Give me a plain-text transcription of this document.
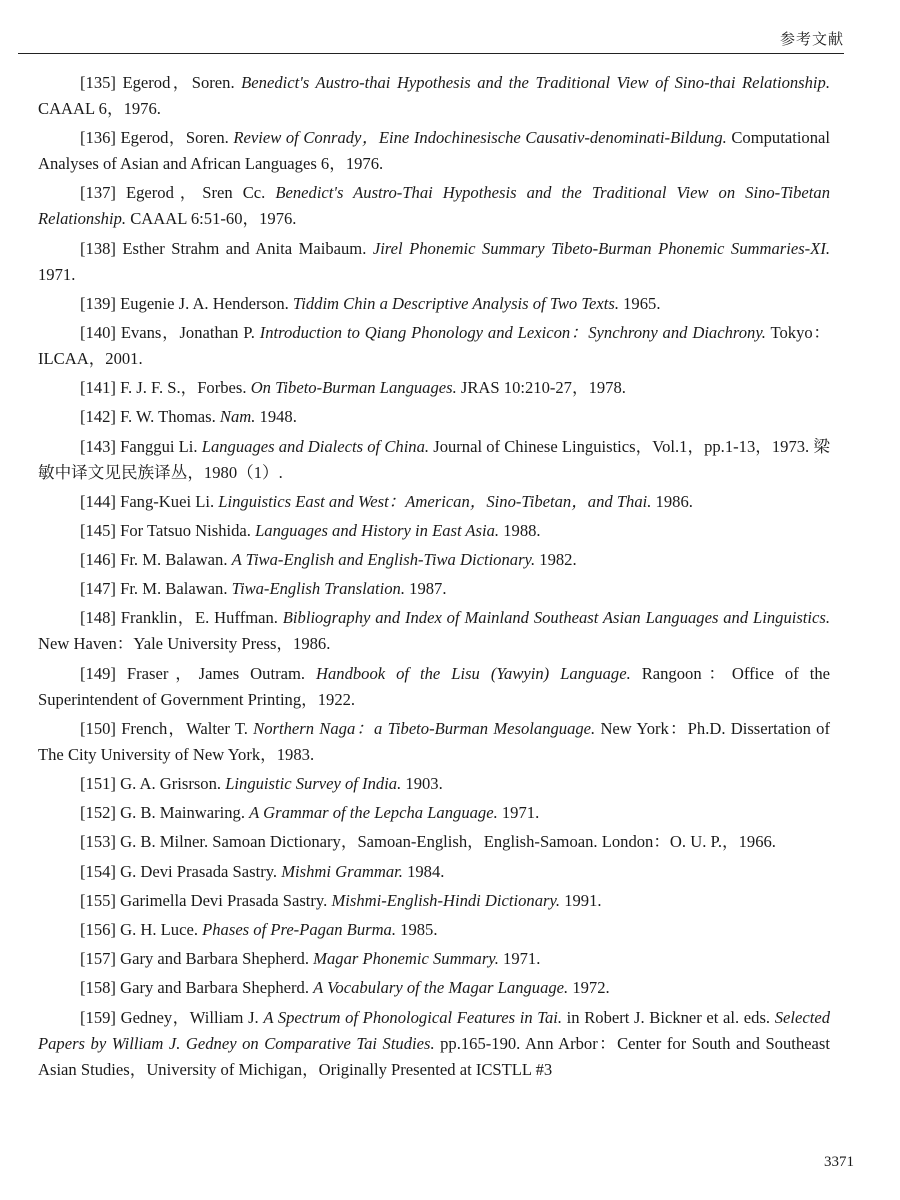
参考文献

[135] Egerod，Soren. Benedict's Austro-thai Hypothesis and the Traditional View of Sino-thai Relationship. CAAAL 6，1976.

[136] Egerod，Soren. Review of Conrady，Eine Indochinesische Causativ-denominati-Bildung. Computational Analyses of Asian and African Languages 6，1976.

[137] Egerod，Sren Cc. Benedict's Austro-Thai Hypothesis and the Traditional View on Sino-Tibetan Relationship. CAAAL 6:51-60，1976.

[138] Esther Strahm and Anita Maibaum. Jirel Phonemic Summary Tibeto-Burman Phonemic Summaries-XI. 1971.

[139] Eugenie J. A. Henderson. Tiddim Chin a Descriptive Analysis of Two Texts. 1965.

[140] Evans，Jonathan P. Introduction to Qiang Phonology and Lexicon：Synchrony and Diachrony. Tokyo：ILCAA，2001.

[141] F. J. F. S.，Forbes. On Tibeto-Burman Languages. JRAS 10:210-27，1978.

[142] F. W. Thomas. Nam. 1948.

[143] Fanggui Li. Languages and Dialects of China. Journal of Chinese Linguistics，Vol.1，pp.1-13，1973. 梁敏中译文见民族译丛，1980（1）.

[144] Fang-Kuei Li. Linguistics East and West：American，Sino-Tibetan，and Thai. 1986.

[145] For Tatsuo Nishida. Languages and History in East Asia. 1988.

[146] Fr. M. Balawan. A Tiwa-English and English-Tiwa Dictionary. 1982.

[147] Fr. M. Balawan. Tiwa-English Translation. 1987.

[148] Franklin，E. Huffman. Bibliography and Index of Mainland Southeast Asian Languages and Linguistics. New Haven：Yale University Press，1986.

[149] Fraser，James Outram. Handbook of the Lisu (Yawyin) Language. Rangoon：Office of the Superintendent of Government Printing，1922.

[150] French，Walter T. Northern Naga：a Tibeto-Burman Mesolanguage. New York：Ph.D. Dissertation of The City University of New York，1983.

[151] G. A. Grisrson. Linguistic Survey of India. 1903.

[152] G. B. Mainwaring. A Grammar of the Lepcha Language. 1971.

[153] G. B. Milner. Samoan Dictionary，Samoan-English，English-Samoan. London：O. U. P.，1966.

[154] G. Devi Prasada Sastry. Mishmi Grammar. 1984.

[155] Garimella Devi Prasada Sastry. Mishmi-English-Hindi Dictionary. 1991.

[156] G. H. Luce. Phases of Pre-Pagan Burma. 1985.

[157] Gary and Barbara Shepherd. Magar Phonemic Summary. 1971.

[158] Gary and Barbara Shepherd. A Vocabulary of the Magar Language. 1972.

[159] Gedney，William J. A Spectrum of Phonological Features in Tai. in Robert J. Bickner et al. eds. Selected Papers by William J. Gedney on Comparative Tai Studies. pp.165-190. Ann Arbor：Center for South and Southeast Asian Studies，University of Michigan，Originally Presented at ICSTLL #3

3371
